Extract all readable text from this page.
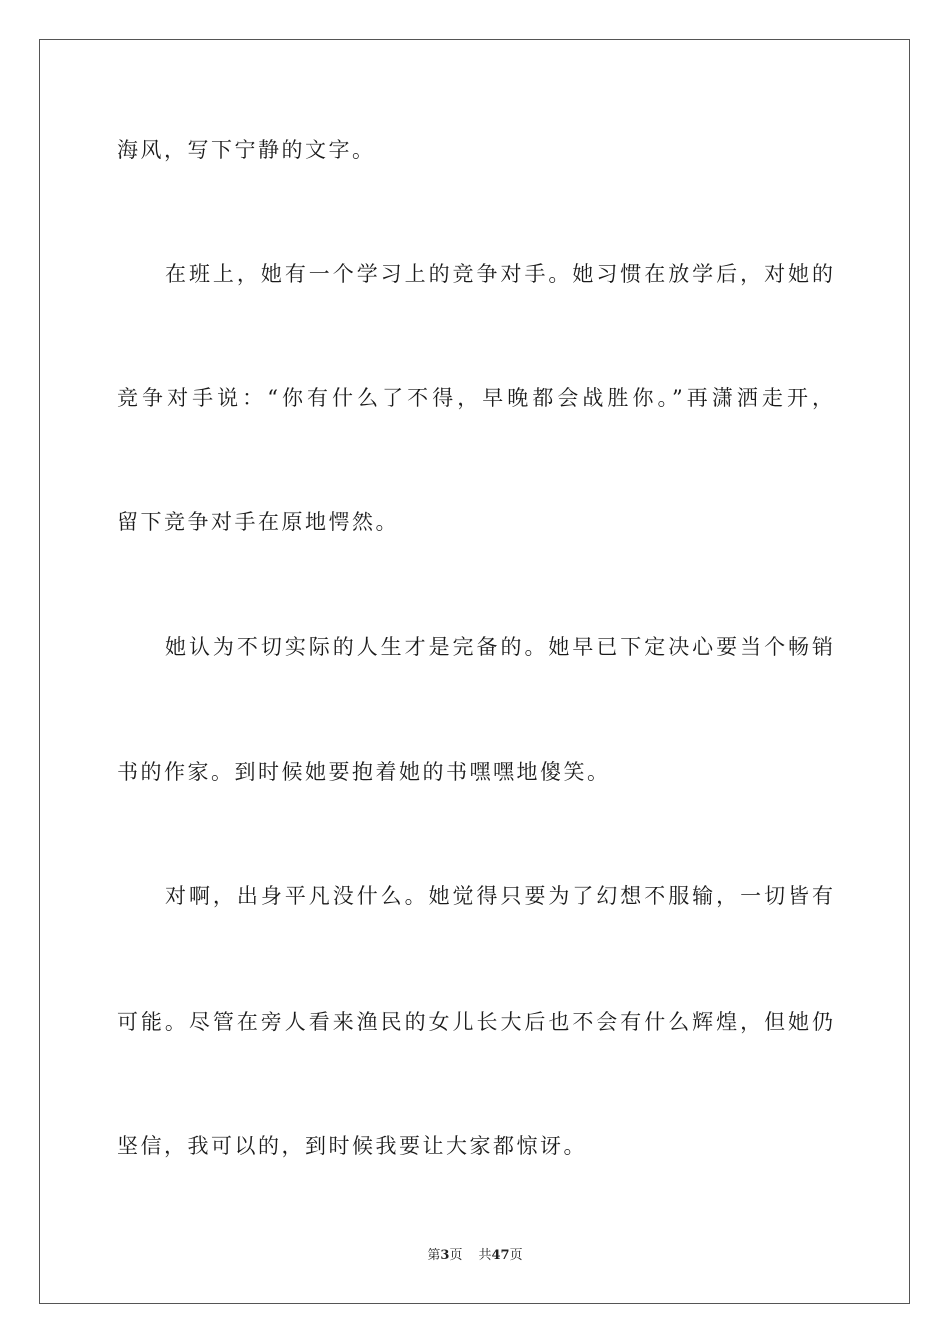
海风，写下宁静的文字。
在班上，她有一个学习上的竞争对手。她习惯在放学后，对她的
竞争对手说：“你有什么了不得，早晚都会战胜你。”再潇洒走开，
留下竞争对手在原地愕然。
她认为不切实际的人生才是完备的。她早已下定决心要当个畅销
书的作家。到时候她要抱着她的书嘿嘿地傻笑。
对啊，出身平凡没什么。她觉得只要为了幻想不服输，一切皆有
可能。尽管在旁人看来渔民的女儿长大后也不会有什么辉煌，但她仍
坚信，我可以的，到时候我要让大家都惊讶。
第3页 共47页
